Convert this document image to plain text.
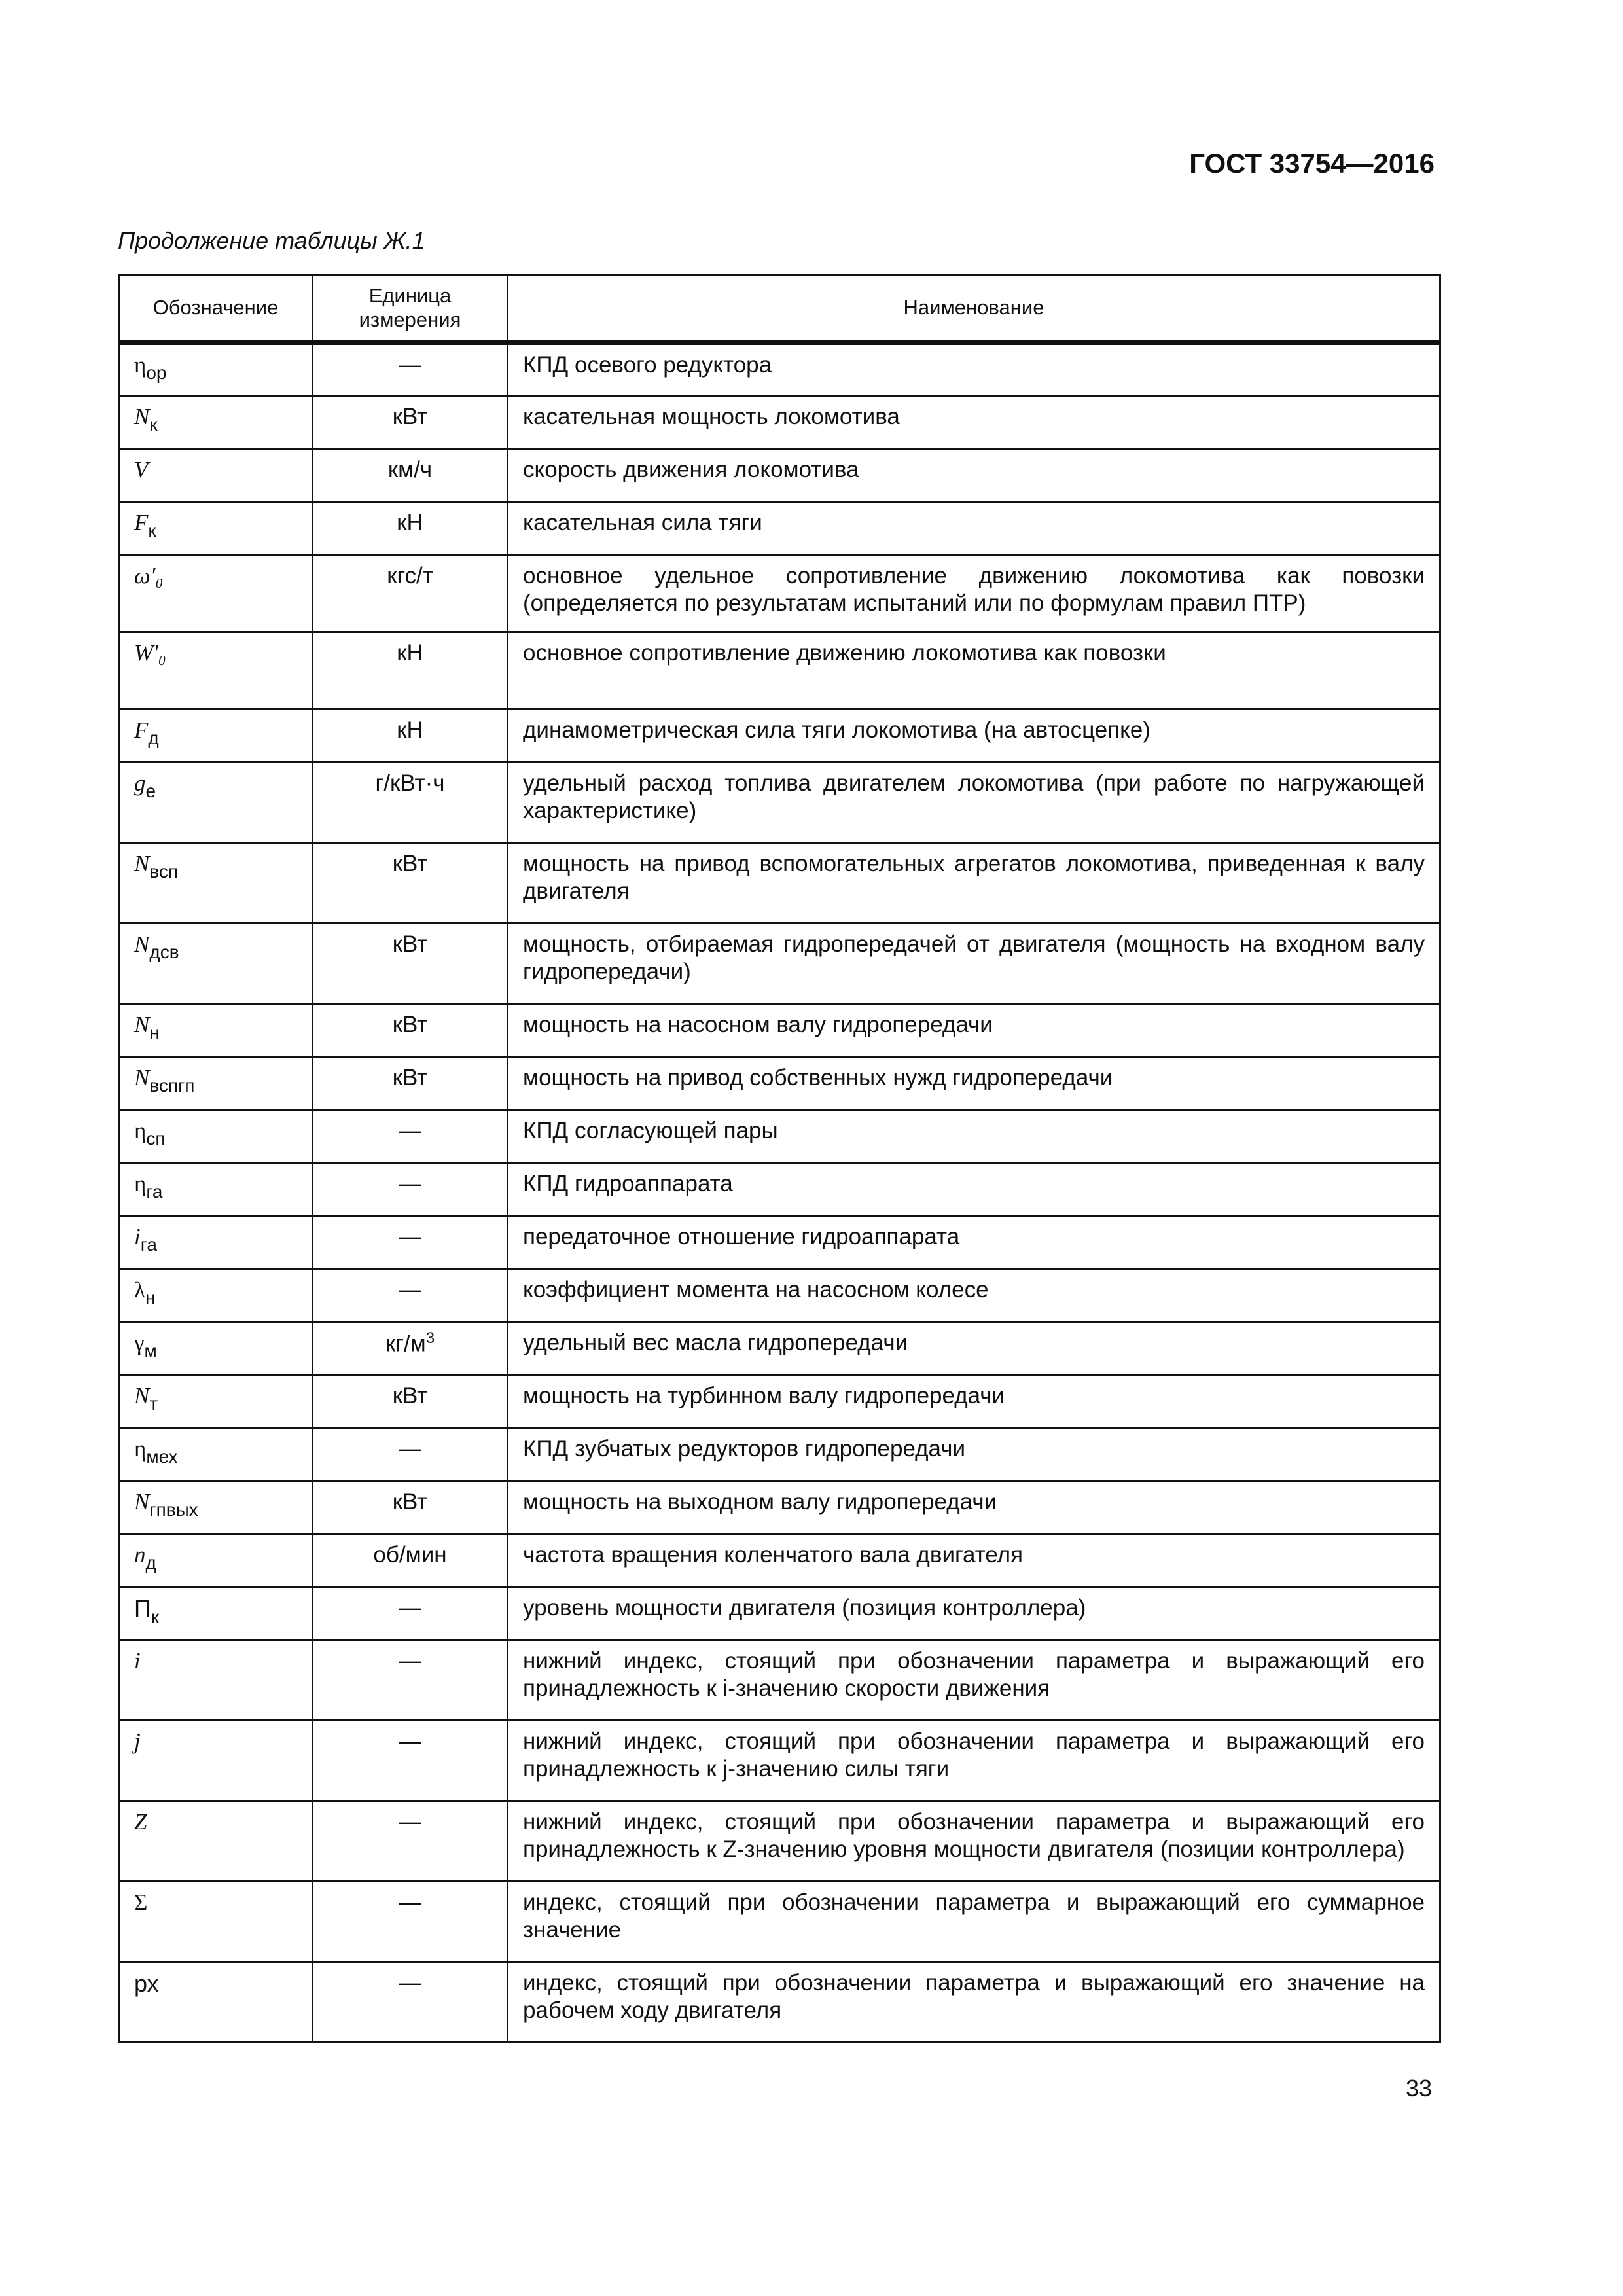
ГОСТ 33754—2016
Продолжение таблицы Ж.1
Обозначение	Единица измерения	Наименование
$\eta_{ор}$	—	КПД осевого редуктора
$N_к$	кВт	касательная мощность локомотива
V	км/ч	скорость движения локомотива
$F_к$	кН	касательная сила тяги
ω′₀	кгс/т	основное удельное сопротивление движению локомотива как повозки (определяется по результатам испытаний или по формулам правил ПТР)
W′₀	кН	основное сопротивление движению локомотива как повозки
$F_д$	кН	динамометрическая сила тяги локомотива (на автосцепке)
$g_е$	г/кВт·ч	удельный расход топлива двигателем локомотива (при работе по нагружающей характеристике)
$N_{всп}$	кВт	мощность на привод вспомогательных агрегатов локомотива, приведенная к валу двигателя
$N_{дсв}$	кВт	мощность, отбираемая гидропередачей от двигателя (мощность на входном валу гидропередачи)
$N_н$	кВт	мощность на насосном валу гидропередачи
$N_{вспгп}$	кВт	мощность на привод собственных нужд гидропередачи
$\eta_{сп}$	—	КПД согласующей пары
$\eta_{га}$	—	КПД гидроаппарата
$i_{га}$	—	передаточное отношение гидроаппарата
$\lambda_н$	—	коэффициент момента на насосном колесе
$\gamma_м$	$кг/м^3$	удельный вес масла гидропередачи
$N_т$	кВт	мощность на турбинном валу гидропередачи
$\eta_{мех}$	—	КПД зубчатых редукторов гидропередачи
$N_{гпвых}$	кВт	мощность на выходном валу гидропередачи
$n_д$	об/мин	частота вращения коленчатого вала двигателя
$П_к$	—	уровень мощности двигателя (позиция контроллера)
i	—	нижний индекс, стоящий при обозначении параметра и выражающий его принадлежность к i-значению скорости движения
j	—	нижний индекс, стоящий при обозначении параметра и выражающий его принадлежность к j-значению силы тяги
Z	—	нижний индекс, стоящий при обозначении параметра и выражающий его принадлежность к Z-значению уровня мощности двигателя (позиции контроллера)
Σ	—	индекс, стоящий при обозначении параметра и выражающий его суммарное значение
рх	—	индекс, стоящий при обозначении параметра и выражающий его значение на рабочем ходу двигателя
33
